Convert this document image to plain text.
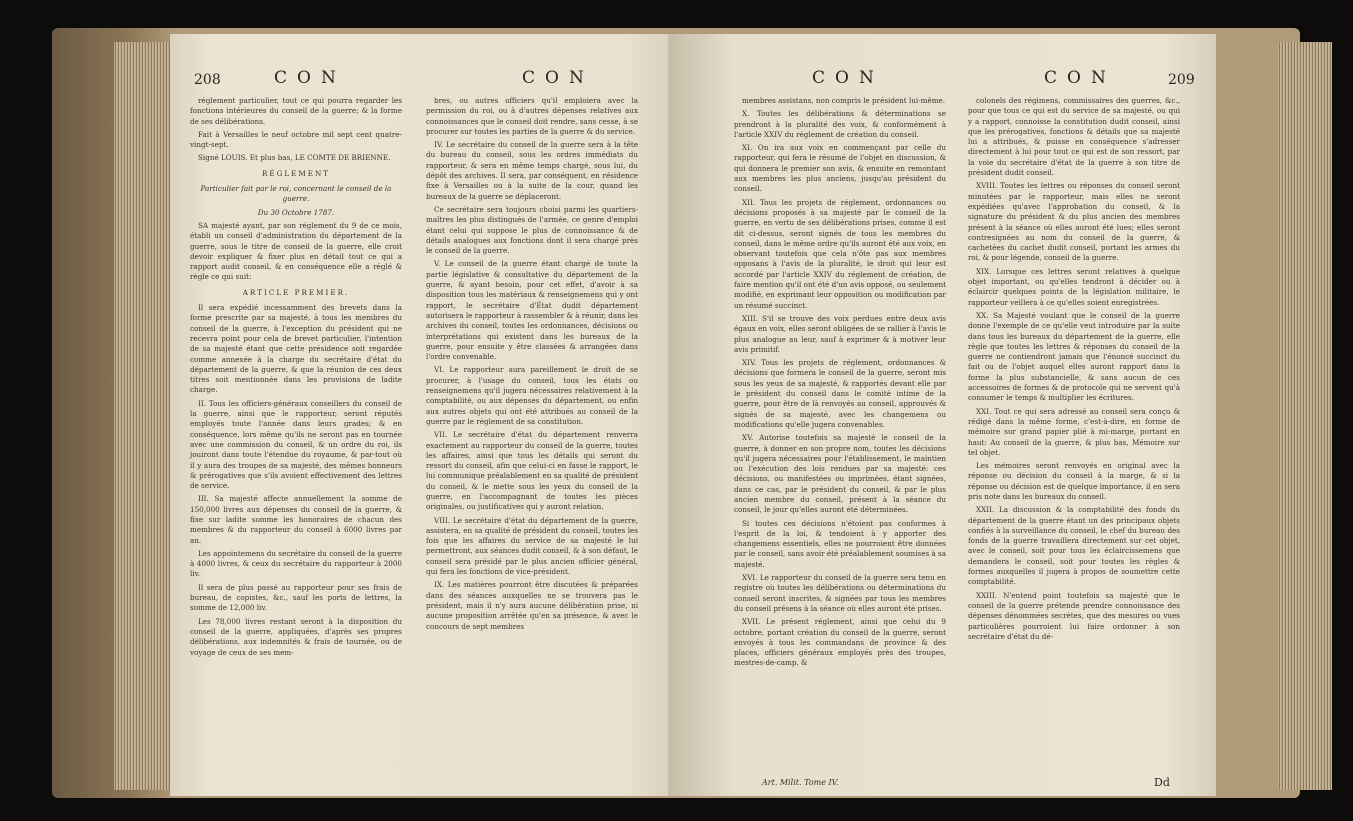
208	CON	CON

réglement particulier, tout ce qui pourra regarder les fonctions intérieures du conseil de la guerre; & la forme de ses délibérations.

Fait à Versailles le neuf octobre mil sept cent quatre-vingt-sept.

Signé LOUIS. Et plus bas, LE COMTE DE BRIENNE.

RÉGLEMENT

Particulier fait par le roi, concernant le conseil de la guerre.

Du 30 Octobre 1787.

SA majesté ayant, par son réglement du 9 de ce mois, établi un conseil d'administration du département de la guerre, sous le titre de conseil de la guerre, elle croit devoir expliquer & fixer plus en détail tout ce qui a rapport audit conseil, & en conséquence elle a réglé & règle ce qui suit:

ARTICLE PREMIER.

Il sera expédié incessamment des brevets dans la forme prescrite par sa majesté, à tous les membres du conseil de la guerre, à l'exception du président qui ne recevra point pour cela de brevet particulier, l'intention de sa majesté étant que cette présidence soit regardée comme annexée à la charge du secrétaire d'état du département de la guerre, & que la réunion de ces deux titres soit mentionnée dans les provisions de ladite charge.

II. Tous les officiers-généraux conseillers du conseil de la guerre, ainsi que le rapporteur, seront réputés employés toute l'année dans leurs grades; & en conséquence, lors même qu'ils ne seront pas en tournée avec une commission du conseil, & un ordre du roi, ils jouiront dans toute l'étendue du royaume, & par-tout où il y aura des troupes de sa majesté, des mêmes honneurs & prérogatives que s'ils avoient effectivement des lettres de service.

III. Sa majesté affecte annuellement la somme de 150,000 livres aux dépenses du conseil de la guerre, & fixe sur ladite somme les honoraires de chacun des membres & du rapporteur du conseil à 6000 livres par an.

Les appointemens du secrétaire du conseil de la guerre à 4000 livres, & ceux du secrétaire du rapporteur à 2000 liv.

Il sera de plus passé au rapporteur pour ses frais de bureau, de copistes, &c., sauf les ports de lettres, la somme de 12,000 liv.

Les 78,000 livres restant seront à la disposition du conseil de la guerre, appliquées, d'après ses propres délibérations, aux indemnités & frais de tournée, ou de voyage de ceux de ses mem-

bres, ou autres officiers qu'il emploiera avec la permission du roi, ou à d'autres dépenses relatives aux connoissances que le conseil doit rendre, sans cesse, à se procurer sur toutes les parties de la guerre & du service.

IV. Le secrétaire du conseil de la guerre sera à la tête du bureau du conseil, sous les ordres immédiats du rapporteur, & sera en même temps chargé, sous lui, du dépôt des archives. Il sera, par conséquent, en résidence fixe à Versailles ou à la suite de la cour, quand les bureaux de la guerre se déplaceront.

Ce secrétaire sera toujours choisi parmi les quartiers-maîtres les plus distingués de l'armée, ce genre d'emploi étant celui qui suppose le plus de connoissance & de détails analogues aux fonctions dont il sera chargé près le conseil de la guerre.

V. Le conseil de la guerre étant chargé de toute la partie législative & consultative du département de la guerre, & ayant besoin, pour cet effet, d'avoir à sa disposition tous les matériaux & renseignemens qui y ont rapport, le secrétaire d'État dudit département autorisera le rapporteur à rassembler & à réunir, dans les archives du conseil, toutes les ordonnances, décisions ou interprétations qui existent dans les bureaux de la guerre, pour ensuite y être classées & arrangées dans l'ordre convenable.

VI. Le rapporteur aura pareillement le droit de se procurer, à l'usage du conseil, tous les états ou renseignemens qu'il jugera nécessaires relativement à la comptabilité, ou aux dépenses du département, ou enfin aux autres objets qui ont été attribués au conseil de la guerre par le réglement de sa constitution.

VII. Le secrétaire d'état du département renverra exactement au rapporteur du conseil de la guerre, toutes les affaires, ainsi que tous les détails qui seront du ressort du conseil, afin que celui-ci en fasse le rapport, le lui communique préalablement en sa qualité de président du conseil, & le mette sous les yeux du conseil de la guerre, en l'accompagnant de toutes les pièces originales, ou justificatives qui y auront relation.

VIII. Le secrétaire d'état du département de la guerre, assistera, en sa qualité de président du conseil, toutes les fois que les affaires du service de sa majesté le lui permettront, aux séances dudit conseil, & à son défaut, le conseil sera présidé par le plus ancien officier général, qui fera les fonctions de vice-président.

IX. Les matières pourront être discutées & préparées dans des séances auxquelles ne se trouvera pas le président, mais il n'y aura aucune délibération prise, ni aucune proposition arrêtée qu'en sa présence, & avec le concours de sept membres

CON	CON	209

membres assistans, non compris le président lui-même.

X. Toutes les délibérations & déterminations se prendront à la pluralité des voix, & conformément à l'article XXIV du réglement de création du conseil.

XI. On ira aux voix en commençant par celle du rapporteur, qui fera le résumé de l'objet en discussion, & qui donnera le premier son avis, & ensuite en remontant aux membres les plus anciens, jusqu'au président du conseil.

XII. Tous les projets de réglement, ordonnances ou décisions proposés à sa majesté par le conseil de la guerre, en vertu de ses délibérations prises, comme il est dit ci-dessus, seront signés de tous les membres du conseil, dans le même ordre qu'ils auront été aux voix, en observant toutefois que cela n'ôte pas aux membres opposans à l'avis de la pluralité, le droit qui leur est accordé par l'article XXIV du réglement de création, de faire mention qu'il ont été d'un avis opposé, ou seulement modifié, en exprimant leur opposition ou modification par un résumé succinct.

XIII. S'il se trouve des voix perdues entre deux avis égaux en voix, elles seront obligées de se rallier à l'avis le plus analogue au leur, sauf à exprimer & à motiver leur avis primitif.

XIV. Tous les projets de réglement, ordonnances & décisions que formera le conseil de la guerre, seront mis sous les yeux de sa majesté, & rapportés devant elle par le président du conseil dans le comité intime de la guerre, pour être de là renvoyés au conseil, approuvés & signés de sa majesté, avec les changemens ou modifications qu'elle jugera convenables.

XV. Autorise toutefois sa majesté le conseil de la guerre, à donner en son propre nom, toutes les décisions qu'il jugera nécessaires pour l'établissement, le maintien ou l'exécution des lois rendues par sa majesté: ces décisions, ou manifestées ou imprimées, étant signées, dans ce cas, par le président du conseil, & par le plus ancien membre du conseil, présent à la séance du conseil, le jour qu'elles auront été déterminées.

Si toutes ces décisions n'étoient pas conformes à l'esprit de la loi, & tendoient à y apporter des changemens essentiels, elles ne pourroient être données par le conseil, sans avoir été préalablement soumises à sa majesté.

XVI. Le rapporteur du conseil de la guerre sera tenu en registre où toutes les délibérations ou déterminations du conseil seront inscrites, & signées par tous les membres du conseil présens à la séance où elles auront été prises.

XVII. Le présent réglement, ainsi que celui du 9 octobre, portant création du conseil de la guerre, seront envoyés à tous les commandans de province & des places, officiers généraux employés près des troupes, mestres-de-camp, &

colonels des régimens, commissaires des guerres, &c., pour que tous ce qui est du service de sa majesté, ou qui y a rapport, connoisse la constitution dudit conseil, ainsi que les prérogatives, fonctions & détails que sa majesté lui a attribués, & puisse en conséquence s'adresser directement à lui pour tout ce qui est de son ressort, par la voie du secrétaire d'état de la guerre à son titre de président dudit conseil.

XVIII. Toutes les lettres ou réponses du conseil seront minutées par le rapporteur, mais elles ne seront expédiées qu'avec l'approbation du conseil, & la signature du président & du plus ancien des membres présent à la séance où elles auront été lues; elles seront contresignées au nom du conseil de la guerre, & cachetées du cachet dudit conseil, portant les armes du roi, & pour légende, conseil de la guerre.

XIX. Lorsque ces lettres seront relatives à quelque objet important, ou qu'elles tendront à décider ou à éclaircir quelques points de la législation militaire, le rapporteur veillera à ce qu'elles soient enregistrées.

XX. Sa Majesté voulant que le conseil de la guerre donne l'exemple de ce qu'elle veut introduire par la suite dans tous les bureaux du département de la guerre, elle règle que toutes les lettres & réponses du conseil de la guerre ne contiendront jamais que l'énoncé succinct du fait ou de l'objet auquel elles auront rapport dans la forme la plus substancielle, & sans aucun de ces accessoires de formes & de protocole qui ne servent qu'à consumer le temps & multiplier les écritures.

XXI. Tout ce qui sera adressé au conseil sera conçu & rédigé dans la même forme, c'est-à-dire, en forme de mémoire sur grand papier plié à mi-marge, portant en haut: Au conseil de la guerre, & plus bas, Mémoire sur tel objet.

Les mémoires seront renvoyés en original avec la réponse ou décision du conseil à la marge, & si la réponse ou décision est de quelque importance, il en sera pris note dans les bureaux du conseil.

XXII. La discussion & la comptabilité des fonds du département de la guerre étant un des principaux objets confiés à la surveillance du conseil, le chef du bureau des fonds de la guerre travaillera directement sur cet objet, avec le conseil, soit pour tous les éclaircissemens que demandera le conseil, soit pour toutes les règles & formes auxquelles il jugera à propos de soumettre cette comptabilité.

XXIII. N'entend point toutefois sa majesté que le conseil de la guerre prétende prendre connoissance des dépenses dénommées secrètes, que des mesures ou vues particulières pourroient lui faire ordonner à son secrétaire d'état du dé-

Art. Milit. Tome IV.	Dd
